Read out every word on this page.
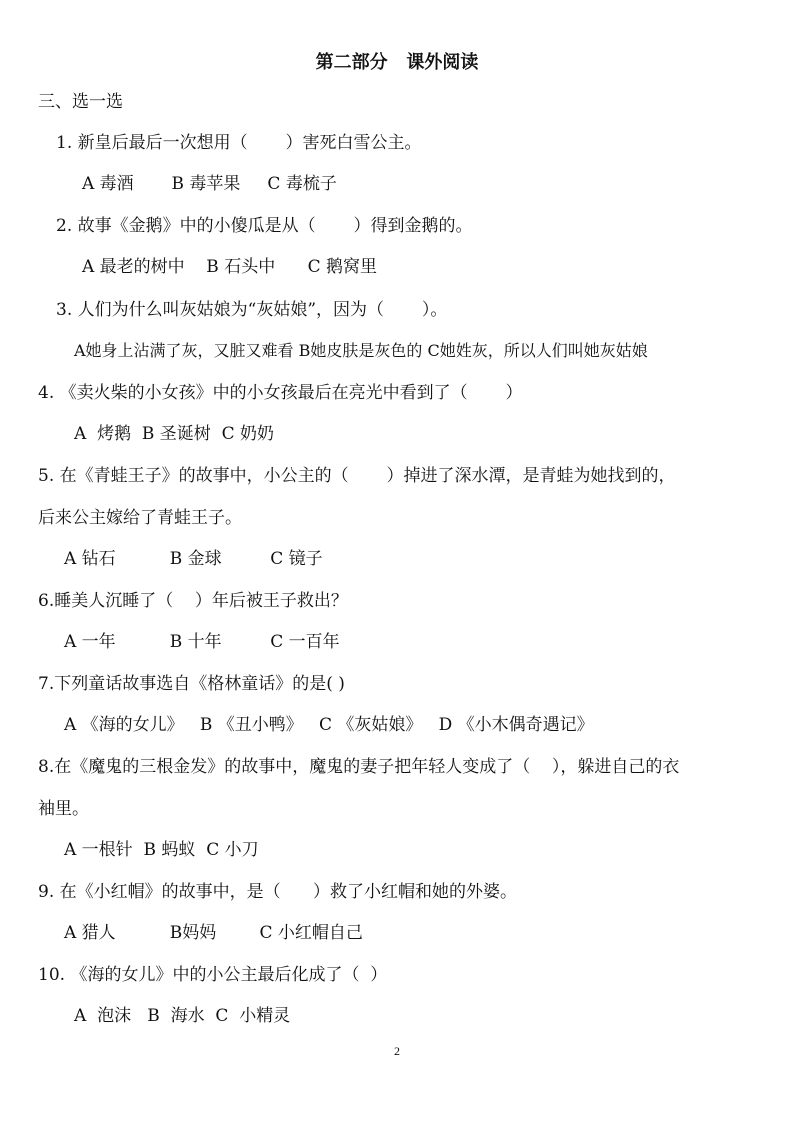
第二部分   课外阅读
三、选一选
1. 新皇后最后一次想用（       ）害死白雪公主。
A 毒酒       B 毒苹果     C 毒梳子
2. 故事《金鹅》中的小傻瓜是从（       ）得到金鹅的。
A 最老的树中    B 石头中      C 鹅窝里
3. 人们为什么叫灰姑娘为“灰姑娘”，因为（       ）。
A她身上沾满了灰，又脏又难看 B她皮肤是灰色的 C她姓灰，所以人们叫她灰姑娘
4. 《卖火柴的小女孩》中的小女孩最后在亮光中看到了（       ）
A  烤鹅  B 圣诞树  C 奶奶
5. 在《青蛙王子》的故事中，小公主的（       ）掉进了深水潭，是青蛙为她找到的，
后来公主嫁给了青蛙王子。
A 钻石          B 金球         C 镜子
6.睡美人沉睡了（    ）年后被王子救出？
A 一年          B 十年         C 一百年
7.下列童话故事选自《格林童话》的是( )
A 《海的女儿》   B 《丑小鸭》   C 《灰姑娘》   D 《小木偶奇遇记》
8.在《魔鬼的三根金发》的故事中，魔鬼的妻子把年轻人变成了（    ），躲进自己的衣
袖里。
A 一根针  B 蚂蚁  C 小刀
9. 在《小红帽》的故事中，是（      ）救了小红帽和她的外婆。
A 猎人          B妈妈        C 小红帽自己
10. 《海的女儿》中的小公主最后化成了（  ）
A  泡沫   B  海水  C  小精灵
2
